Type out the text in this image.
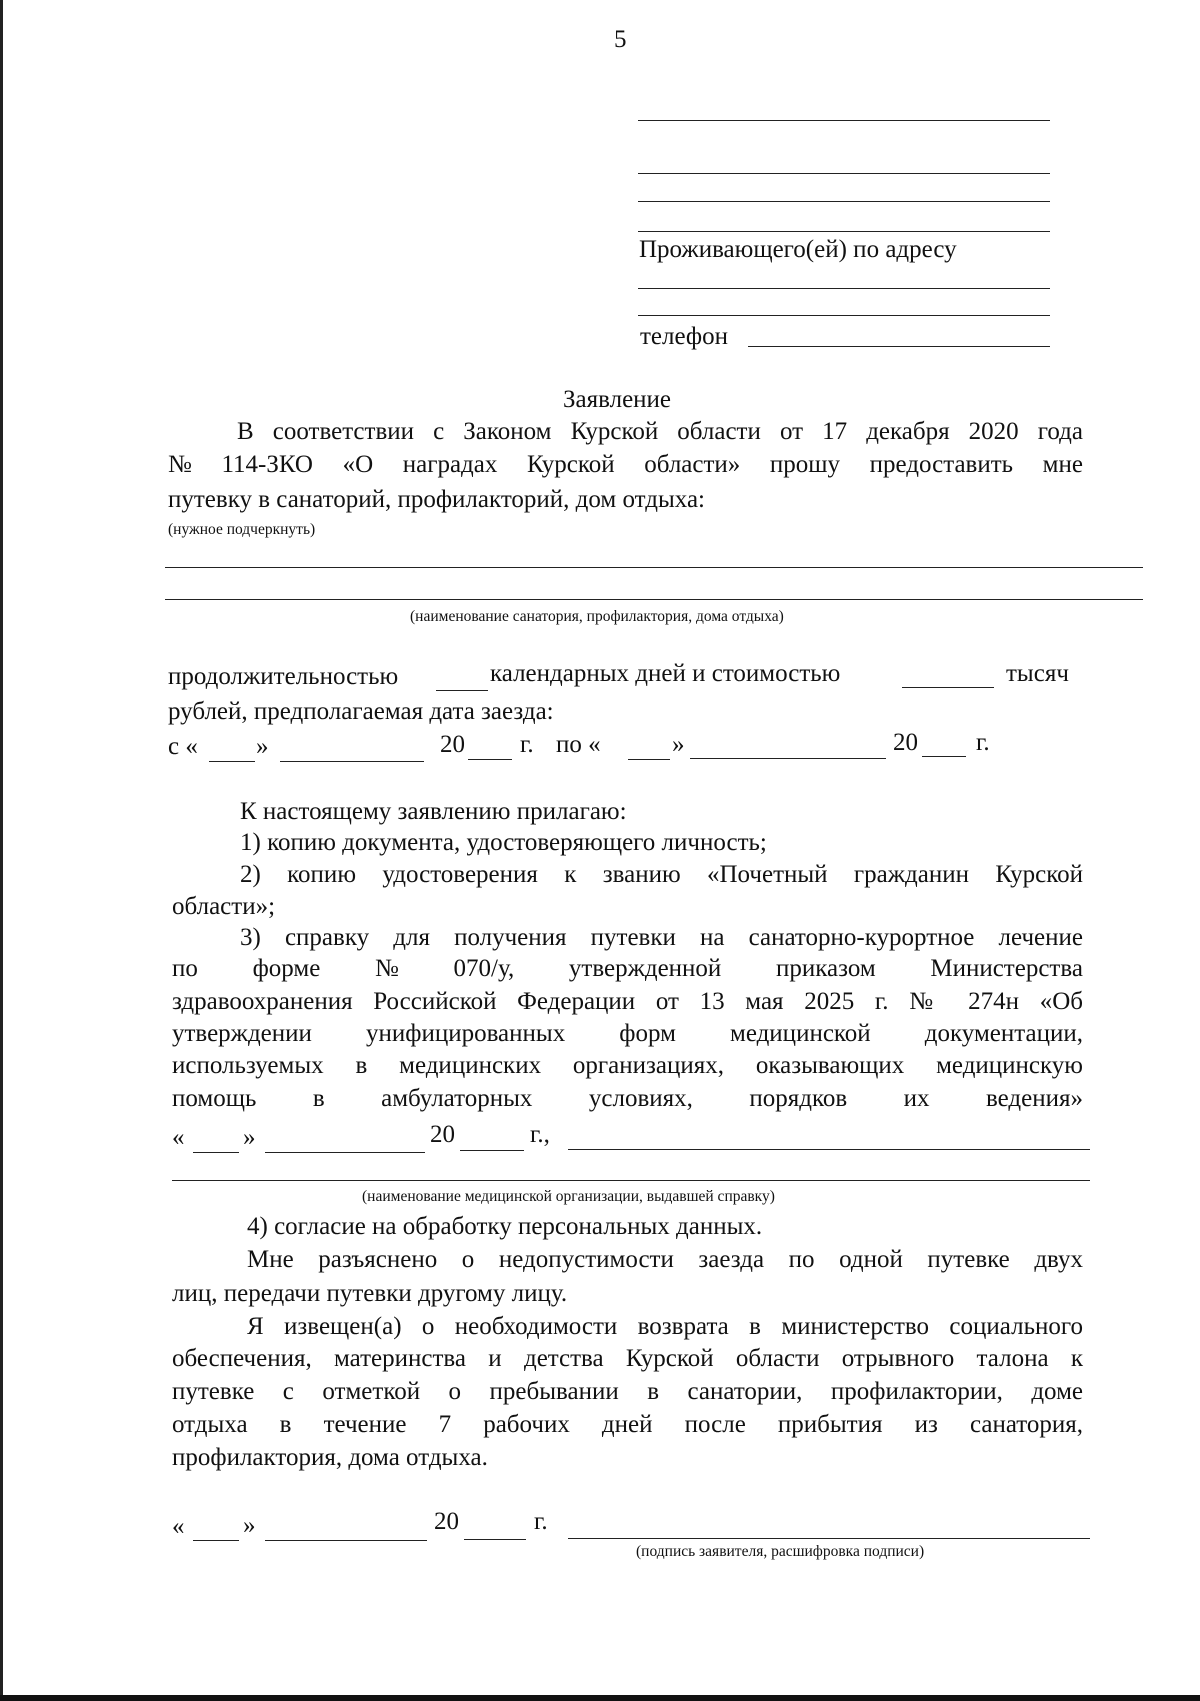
5
Проживающего(ей) по адресу
телефон
Заявление
В соответствии с Законом Курской области от 17 декабря 2020 года
№ 114-ЗКО «О наградах Курской области» прошу предоставить мне
путевку в санаторий, профилакторий, дом отдыха:
(нужное подчеркнуть)
(наименование санатория, профилактория, дома отдыха)
продолжительностью	календарных дней и стоимостью	тысяч
рублей, предполагаемая дата заезда:
с « »	20 г. по «	»	20 г.
К настоящему заявлению прилагаю:
1) копию документа, удостоверяющего личность;
2) копию удостоверения к званию «Почетный гражданин Курской
области»;
3) справку для получения путевки на санаторно-курортное лечение
по форме № 070/у, утвержденной приказом Министерства
здравоохранения Российской Федерации от 13 мая 2025 г. № 274н «Об
утверждении унифицированных форм медицинской документации,
используемых в медицинских организациях, оказывающих медицинскую
помощь в амбулаторных условиях, порядков их ведения»
« »	20	г.,
(наименование медицинской организации, выдавшей справку)
4) согласие на обработку персональных данных.
Мне разъяснено о недопустимости заезда по одной путевке двух
лиц, передачи путевки другому лицу.
Я извещен(а) о необходимости возврата в министерство социального
обеспечения, материнства и детства Курской области отрывного талона к
путевке с отметкой о пребывании в санатории, профилактории, доме
отдыха в течение 7 рабочих дней после прибытия из санатория,
профилактория, дома отдыха.
« »	20	г.
(подпись заявителя, расшифровка подписи)
